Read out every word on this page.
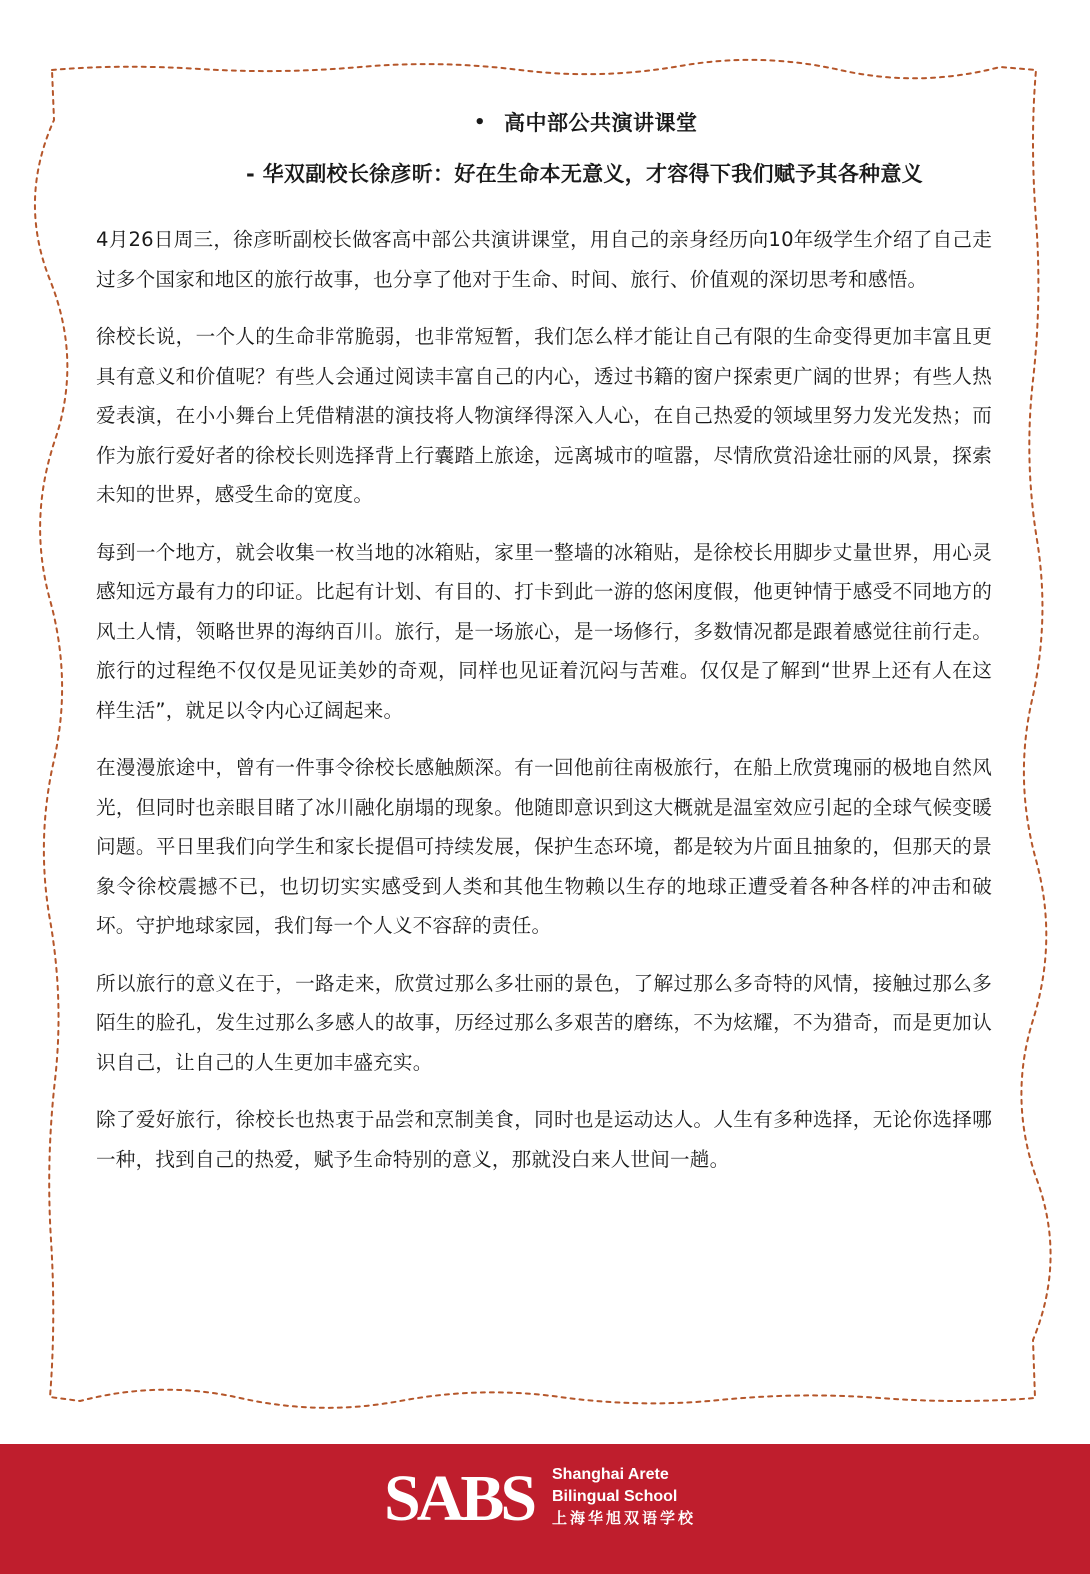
• 高中部公共演讲课堂
- 华双副校长徐彦昕：好在生命本无意义，才容得下我们赋予其各种意义

4月26日周三，徐彦昕副校长做客高中部公共演讲课堂，用自己的亲身经历向10年级学生介绍了自己走过多个国家和地区的旅行故事，也分享了他对于生命、时间、旅行、价值观的深切思考和感悟。

徐校长说，一个人的生命非常脆弱，也非常短暂，我们怎么样才能让自己有限的生命变得更加丰富且更具有意义和价值呢？有些人会通过阅读丰富自己的内心，透过书籍的窗户探索更广阔的世界；有些人热爱表演，在小小舞台上凭借精湛的演技将人物演绎得深入人心，在自己热爱的领域里努力发光发热；而作为旅行爱好者的徐校长则选择背上行囊踏上旅途，远离城市的喧嚣，尽情欣赏沿途壮丽的风景，探索未知的世界，感受生命的宽度。

每到一个地方，就会收集一枚当地的冰箱贴，家里一整墙的冰箱贴，是徐校长用脚步丈量世界，用心灵感知远方最有力的印证。比起有计划、有目的、打卡到此一游的悠闲度假，他更钟情于感受不同地方的风土人情，领略世界的海纳百川。旅行，是一场旅心，是一场修行，多数情况都是跟着感觉往前行走。旅行的过程绝不仅仅是见证美妙的奇观，同样也见证着沉闷与苦难。仅仅是了解到“世界上还有人在这样生活”，就足以令内心辽阔起来。

在漫漫旅途中，曾有一件事令徐校长感触颇深。有一回他前往南极旅行，在船上欣赏瑰丽的极地自然风光，但同时也亲眼目睹了冰川融化崩塌的现象。他随即意识到这大概就是温室效应引起的全球气候变暖问题。平日里我们向学生和家长提倡可持续发展，保护生态环境，都是较为片面且抽象的，但那天的景象令徐校震撼不已，也切切实实感受到人类和其他生物赖以生存的地球正遭受着各种各样的冲击和破坏。守护地球家园，我们每一个人义不容辞的责任。

所以旅行的意义在于，一路走来，欣赏过那么多壮丽的景色，了解过那么多奇特的风情，接触过那么多陌生的脸孔，发生过那么多感人的故事，历经过那么多艰苦的磨练，不为炫耀，不为猎奇，而是更加认识自己，让自己的人生更加丰盛充实。

除了爱好旅行，徐校长也热衷于品尝和烹制美食，同时也是运动达人。人生有多种选择，无论你选择哪一种，找到自己的热爱，赋予生命特别的意义，那就没白来人世间一趟。

SABS Shanghai Arete
Bilingual School
上海华旭双语学校
